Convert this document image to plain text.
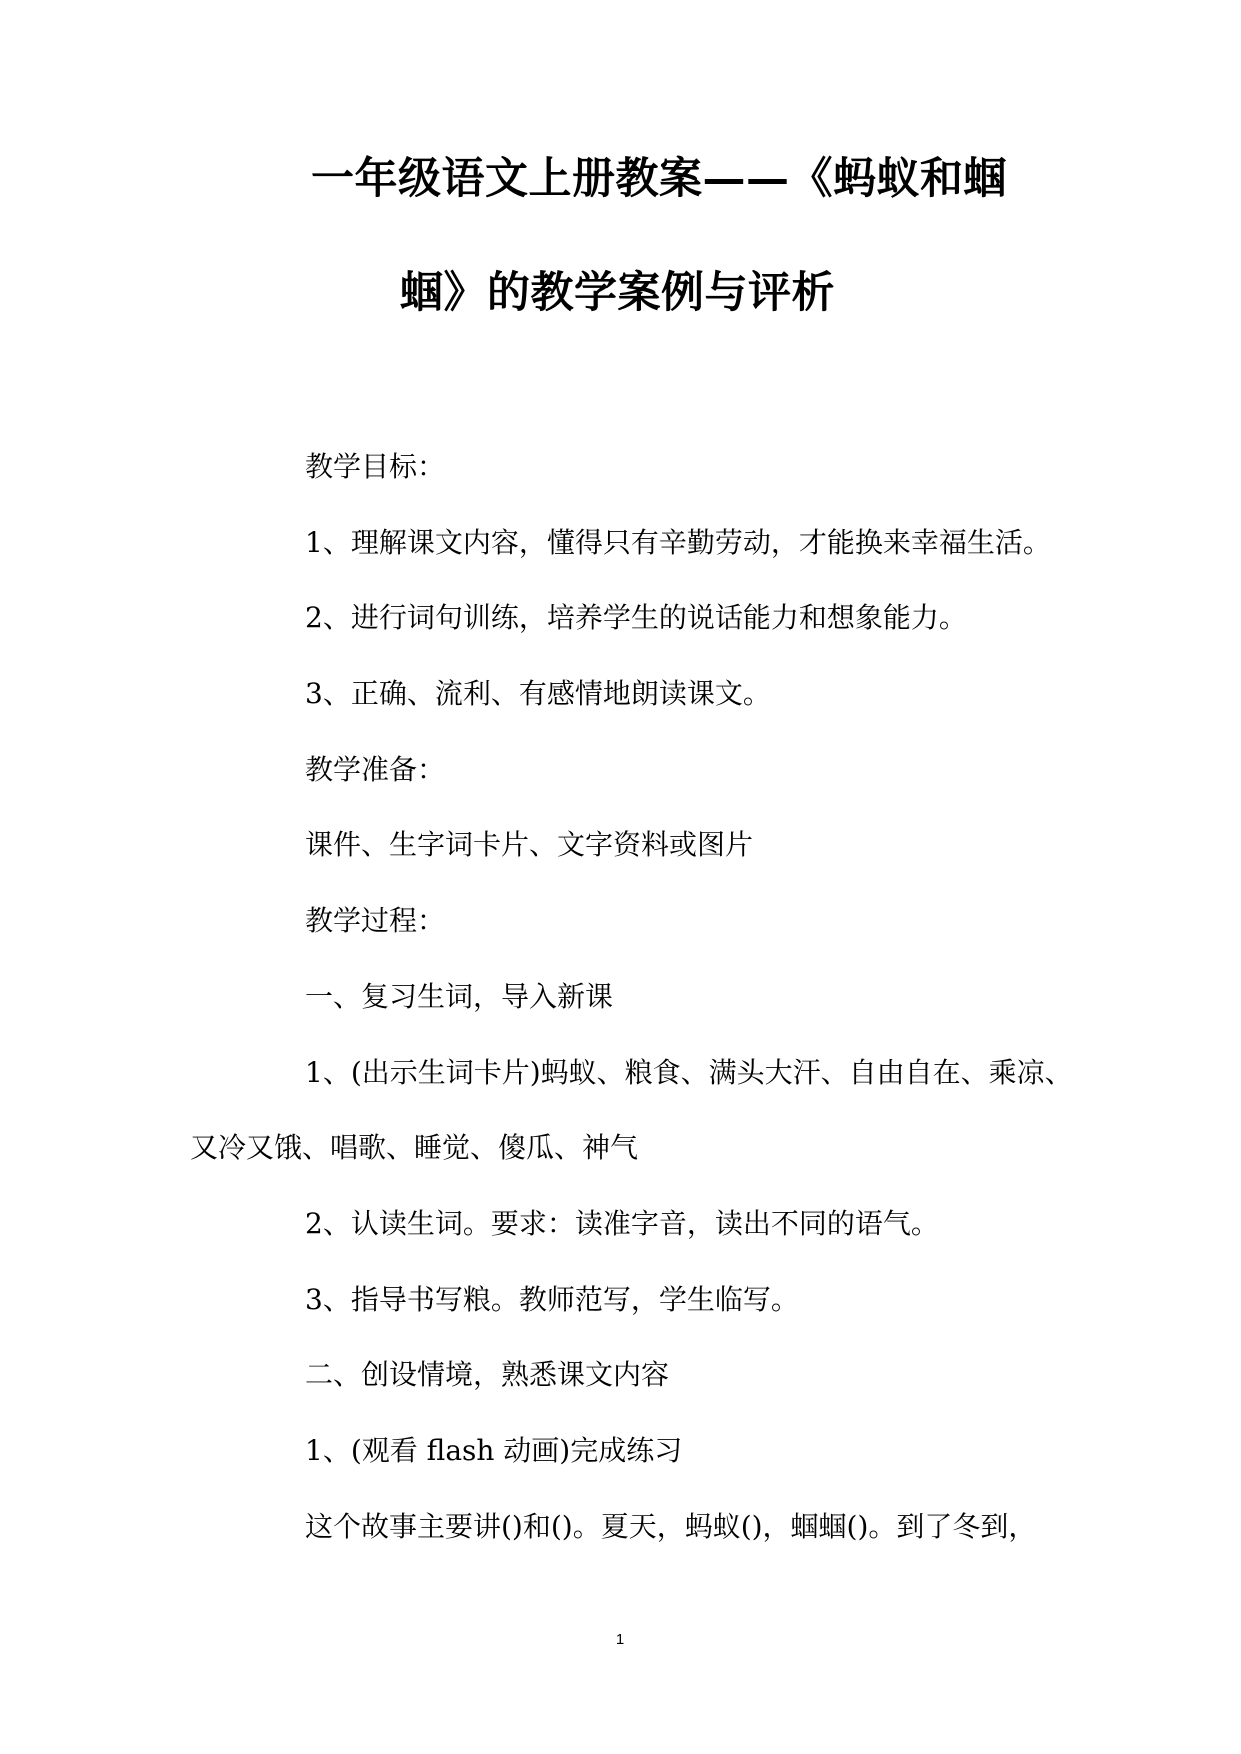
一年级语文上册教案——《蚂蚁和蝈
蝈》的教学案例与评析
教学目标：
1、理解课文内容，懂得只有辛勤劳动，才能换来幸福生活。
2、进行词句训练，培养学生的说话能力和想象能力。
3、正确、流利、有感情地朗读课文。
教学准备：
课件、生字词卡片、文字资料或图片
教学过程：
一、复习生词，导入新课
1、(出示生词卡片)蚂蚁、粮食、满头大汗、自由自在、乘凉、
又冷又饿、唱歌、睡觉、傻瓜、神气
2、认读生词。要求：读准字音，读出不同的语气。
3、指导书写粮。教师范写，学生临写。
二、创设情境，熟悉课文内容
1、(观看 flash 动画)完成练习
这个故事主要讲()和()。夏天，蚂蚁()，蝈蝈()。到了冬到，
1
